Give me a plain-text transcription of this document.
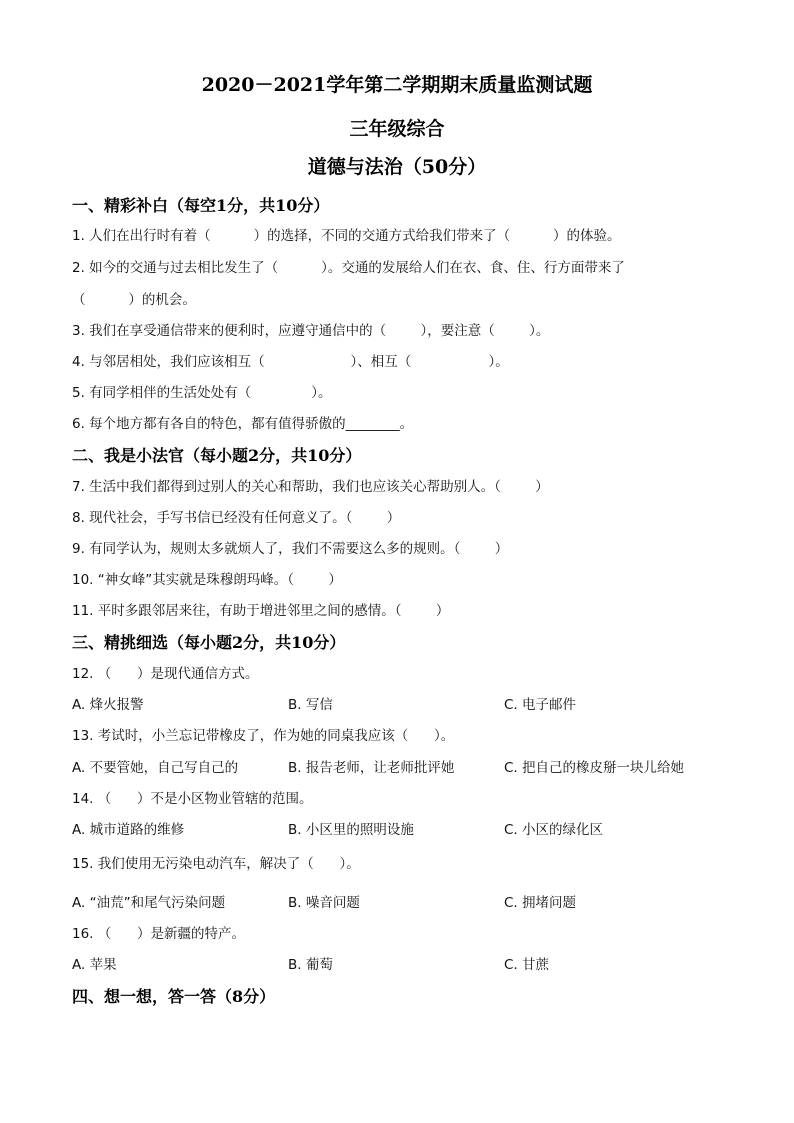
2020－2021学年第二学期期末质量监测试题
三年级综合
道德与法治（50分）
一、精彩补白（每空1分，共10分）
1. 人们在出行时有着（          ）的选择，不同的交通方式给我们带来了（          ）的体验。
2. 如今的交通与过去相比发生了（          ）。交通的发展给人们在衣、食、住、行方面带来了
（          ）的机会。
3. 我们在享受通信带来的便利时，应遵守通信中的（        ），要注意（        ）。
4. 与邻居相处，我们应该相互（                    ）、相互（                  ）。
5. 有同学相伴的生活处处有（              ）。
6. 每个地方都有各自的特色，都有值得骄傲的________。
二、我是小法官（每小题2分，共10分）
7. 生活中我们都得到过别人的关心和帮助，我们也应该关心帮助别人。（        ）
8. 现代社会，手写书信已经没有任何意义了。（        ）
9. 有同学认为，规则太多就烦人了，我们不需要这么多的规则。（        ）
10. “神女峰”其实就是珠穆朗玛峰。（        ）
11. 平时多跟邻居来往，有助于增进邻里之间的感情。（        ）
三、精挑细选（每小题2分，共10分）
12. （      ）是现代通信方式。
A. 烽火报警	B. 写信	C. 电子邮件
13. 考试时，小兰忘记带橡皮了，作为她的同桌我应该（      ）。
A. 不要管她，自己写自己的	B. 报告老师，让老师批评她	C. 把自己的橡皮掰一块儿给她
14. （      ）不是小区物业管辖的范围。
A. 城市道路的维修	B. 小区里的照明设施	C. 小区的绿化区
15. 我们使用无污染电动汽车，解决了（      ）。
A. “油荒”和尾气污染问题	B. 噪音问题	C. 拥堵问题
16. （      ）是新疆的特产。
A. 苹果	B. 葡萄	C. 甘蔗
四、想一想，答一答（8分）
